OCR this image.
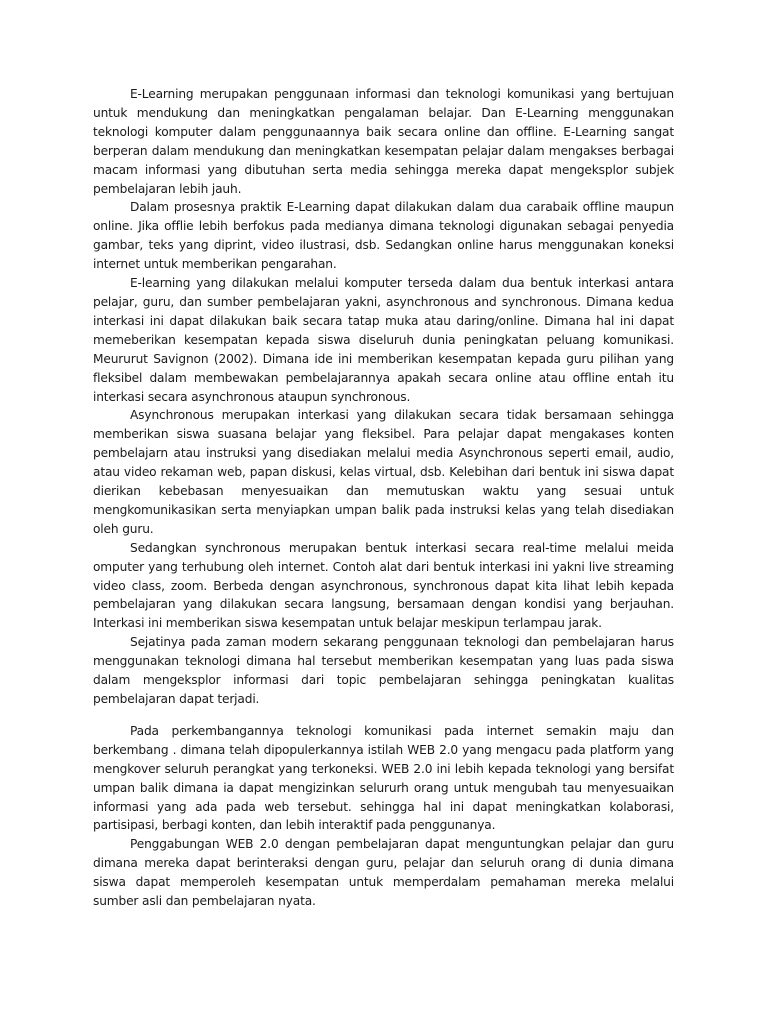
E-Learning merupakan penggunaan informasi dan teknologi komunikasi yang bertujuan untuk mendukung dan meningkatkan pengalaman belajar. Dan E-Learning menggunakan teknologi komputer dalam penggunaannya baik secara online dan offline. E-Learning sangat berperan dalam mendukung dan meningkatkan kesempatan pelajar dalam mengakses berbagai macam informasi yang dibutuhan serta media sehingga mereka dapat mengeksplor subjek pembelajaran lebih jauh.

Dalam prosesnya praktik E-Learning dapat dilakukan dalam dua carabaik offline maupun online. Jika offlie lebih berfokus pada medianya dimana teknologi digunakan sebagai penyedia gambar, teks yang diprint, video ilustrasi, dsb. Sedangkan online harus menggunakan koneksi internet untuk memberikan pengarahan.

E-learning yang dilakukan melalui komputer terseda dalam dua bentuk interkasi antara pelajar, guru, dan sumber pembelajaran yakni, asynchronous and synchronous. Dimana kedua interkasi ini dapat dilakukan baik secara tatap muka atau daring/online. Dimana hal ini dapat memeberikan kesempatan kepada siswa diseluruh dunia peningkatan peluang komunikasi. Meururut Savignon (2002). Dimana ide ini memberikan kesempatan kepada guru pilihan yang fleksibel dalam membewakan pembelajarannya apakah secara online atau offline entah itu interkasi secara asynchronous ataupun synchronous.

Asynchronous merupakan interkasi yang dilakukan secara tidak bersamaan sehingga memberikan siswa suasana belajar yang fleksibel. Para pelajar dapat mengakases konten pembelajarn atau instruksi yang disediakan melalui media Asynchronous seperti email, audio, atau video rekaman web, papan diskusi, kelas virtual, dsb. Kelebihan dari bentuk ini siswa dapat dierikan kebebasan menyesuaikan dan memutuskan waktu yang sesuai untuk mengkomunikasikan serta menyiapkan umpan balik pada instruksi kelas yang telah disediakan oleh guru.

Sedangkan synchronous merupakan bentuk interkasi secara real-time melalui meida omputer yang terhubung oleh internet. Contoh alat dari bentuk interkasi ini yakni live streaming video class, zoom. Berbeda dengan asynchronous, synchronous dapat kita lihat lebih kepada pembelajaran yang dilakukan secara langsung, bersamaan dengan kondisi yang berjauhan. Interkasi ini memberikan siswa kesempatan untuk belajar meskipun terlampau jarak.

Sejatinya pada zaman modern sekarang penggunaan teknologi dan pembelajaran harus menggunakan teknologi dimana hal tersebut memberikan kesempatan yang luas pada siswa dalam mengeksplor informasi dari topic pembelajaran sehingga peningkatan kualitas pembelajaran dapat terjadi.

Pada perkembangannya teknologi komunikasi pada internet semakin maju dan berkembang . dimana telah dipopulerkannya istilah WEB 2.0 yang mengacu pada platform yang mengkover seluruh perangkat yang terkoneksi. WEB 2.0 ini lebih kepada teknologi yang bersifat umpan balik dimana ia dapat mengizinkan selururh orang untuk mengubah tau menyesuaikan informasi yang ada pada web tersebut. sehingga hal ini dapat meningkatkan kolaborasi, partisipasi, berbagi konten, dan lebih interaktif pada penggunanya.

Penggabungan WEB 2.0 dengan pembelajaran dapat menguntungkan pelajar dan guru dimana mereka dapat berinteraksi dengan guru, pelajar dan seluruh orang di dunia dimana siswa dapat memperoleh kesempatan untuk memperdalam pemahaman mereka melalui sumber asli dan pembelajaran nyata.
